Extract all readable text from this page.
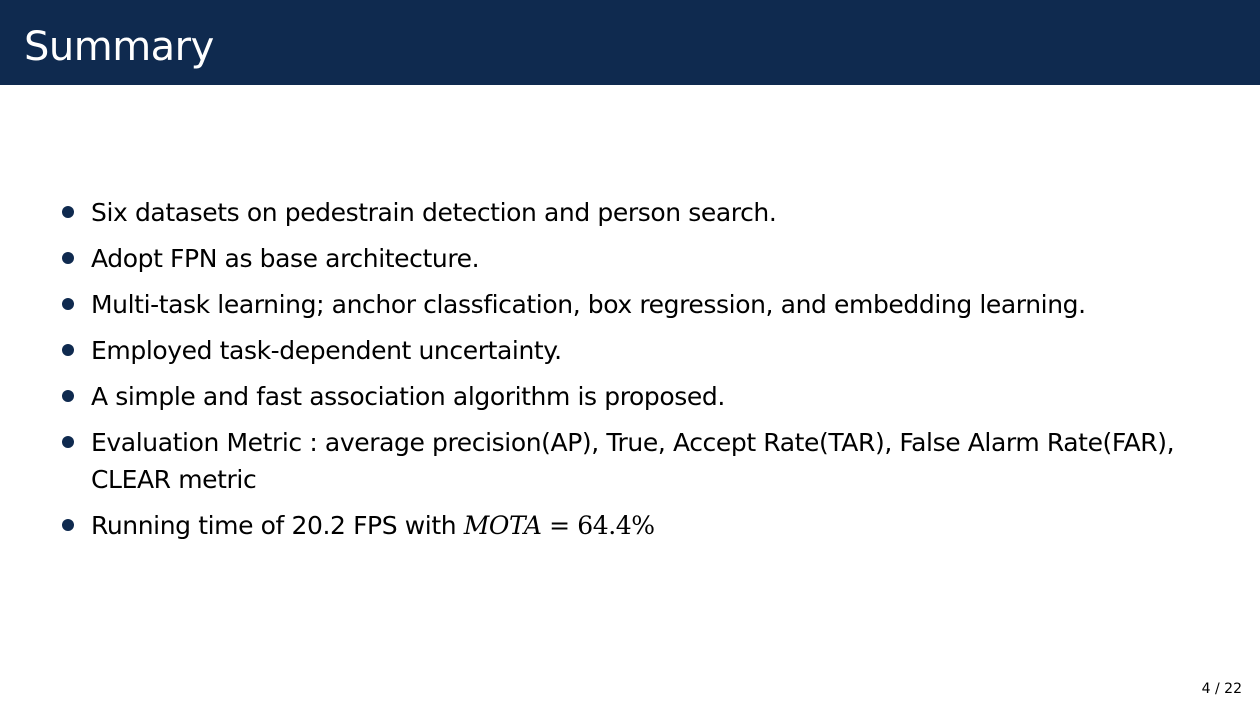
Summary
Six datasets on pedestrain detection and person search.
Adopt FPN as base architecture.
Multi-task learning; anchor classfication, box regression, and embedding learning.
Employed task-dependent uncertainty.
A simple and fast association algorithm is proposed.
Evaluation Metric : average precision(AP), True, Accept Rate(TAR), False Alarm Rate(FAR), CLEAR metric
Running time of 20.2 FPS with MOTA = 64.4%
4 / 22
